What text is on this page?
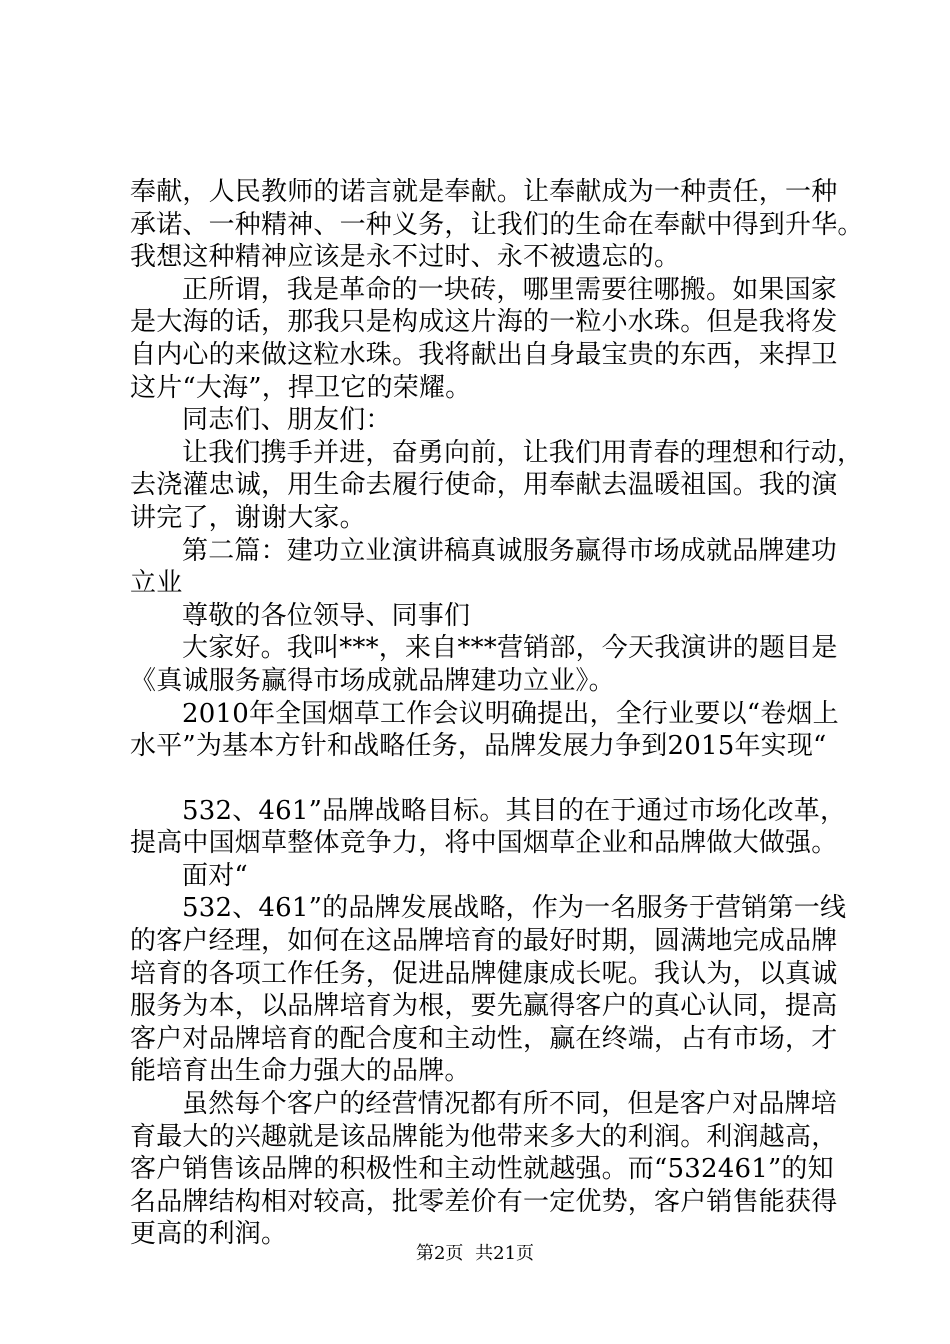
奉献，人民教师的诺言就是奉献。让奉献成为一种责任，一种
承诺、一种精神、一种义务，让我们的生命在奉献中得到升华。
我想这种精神应该是永不过时、永不被遗忘的。
正所谓，我是革命的一块砖，哪里需要往哪搬。如果国家
是大海的话，那我只是构成这片海的一粒小水珠。但是我将发
自内心的来做这粒水珠。我将献出自身最宝贵的东西，来捍卫
这片“大海”，捍卫它的荣耀。
同志们、朋友们：
让我们携手并进，奋勇向前，让我们用青春的理想和行动，
去浇灌忠诚，用生命去履行使命，用奉献去温暖祖国。我的演
讲完了，谢谢大家。
第二篇：建功立业演讲稿真诚服务赢得市场成就品牌建功
立业
尊敬的各位领导、同事们
大家好。我叫***，来自***营销部，今天我演讲的题目是
《真诚服务赢得市场成就品牌建功立业》。
2010年全国烟草工作会议明确提出，全行业要以“卷烟上
水平”为基本方针和战略任务，品牌发展力争到2015年实现“
532、461”品牌战略目标。其目的在于通过市场化改革，
提高中国烟草整体竞争力，将中国烟草企业和品牌做大做强。
面对“
532、461”的品牌发展战略，作为一名服务于营销第一线
的客户经理，如何在这品牌培育的最好时期，圆满地完成品牌
培育的各项工作任务，促进品牌健康成长呢。我认为，以真诚
服务为本，以品牌培育为根，要先赢得客户的真心认同，提高
客户对品牌培育的配合度和主动性，赢在终端，占有市场，才
能培育出生命力强大的品牌。
虽然每个客户的经营情况都有所不同，但是客户对品牌培
育最大的兴趣就是该品牌能为他带来多大的利润。利润越高，
客户销售该品牌的积极性和主动性就越强。而“532461”的知
名品牌结构相对较高，批零差价有一定优势，客户销售能获得
更高的利润。
第2页 共21页
